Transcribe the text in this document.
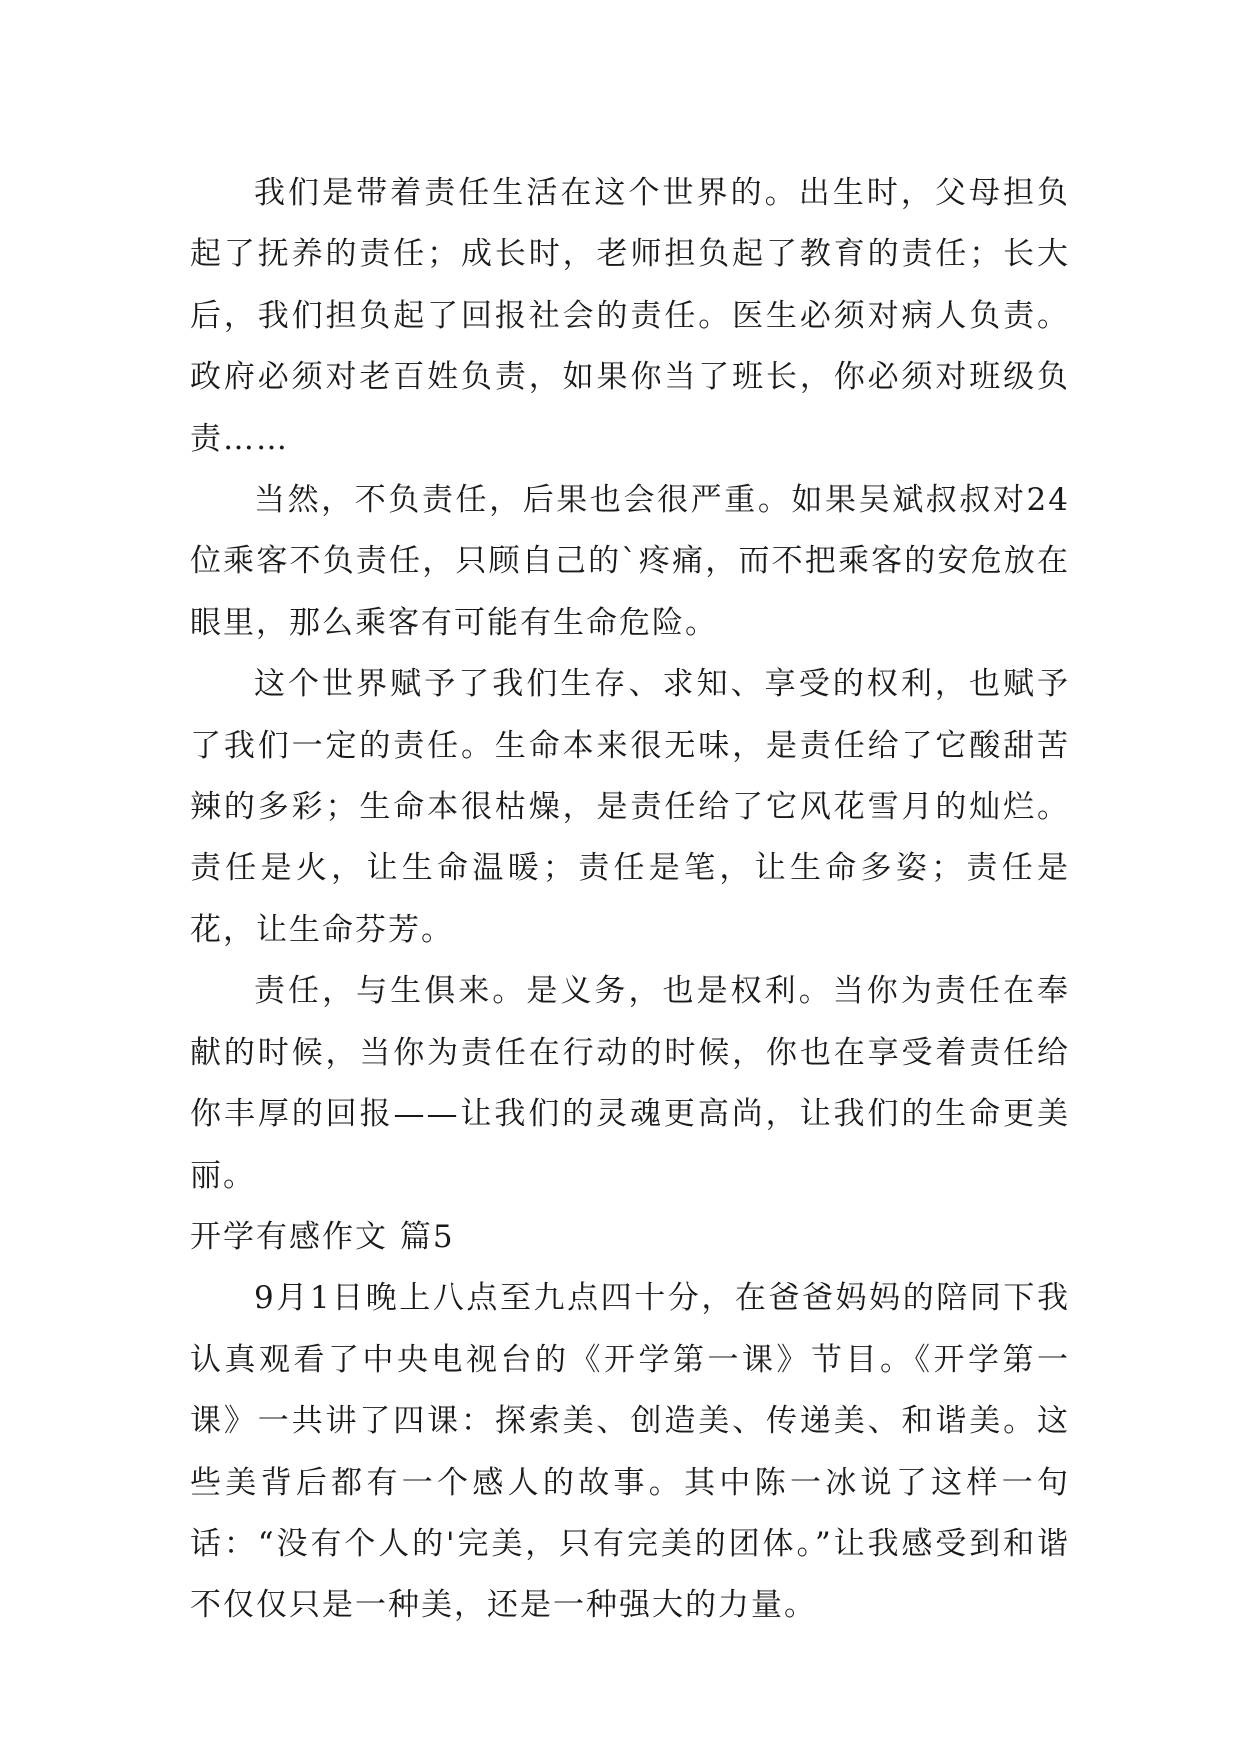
我们是带着责任生活在这个世界的。出生时，父母担负起了抚养的责任；成长时，老师担负起了教育的责任；长大后，我们担负起了回报社会的责任。医生必须对病人负责。政府必须对老百姓负责，如果你当了班长，你必须对班级负责……

当然，不负责任，后果也会很严重。如果吴斌叔叔对24位乘客不负责任，只顾自己的`疼痛，而不把乘客的安危放在眼里，那么乘客有可能有生命危险。

这个世界赋予了我们生存、求知、享受的权利，也赋予了我们一定的责任。生命本来很无味，是责任给了它酸甜苦辣的多彩；生命本很枯燥，是责任给了它风花雪月的灿烂。责任是火，让生命温暖；责任是笔，让生命多姿；责任是花，让生命芬芳。

责任，与生俱来。是义务，也是权利。当你为责任在奉献的时候，当你为责任在行动的时候，你也在享受着责任给你丰厚的回报——让我们的灵魂更高尚，让我们的生命更美丽。

开学有感作文 篇5

9月1日晚上八点至九点四十分，在爸爸妈妈的陪同下我认真观看了中央电视台的《开学第一课》节目。《开学第一课》一共讲了四课：探索美、创造美、传递美、和谐美。这些美背后都有一个感人的故事。其中陈一冰说了这样一句话：“没有个人的'完美，只有完美的团体。”让我感受到和谐不仅仅只是一种美，还是一种强大的力量。
